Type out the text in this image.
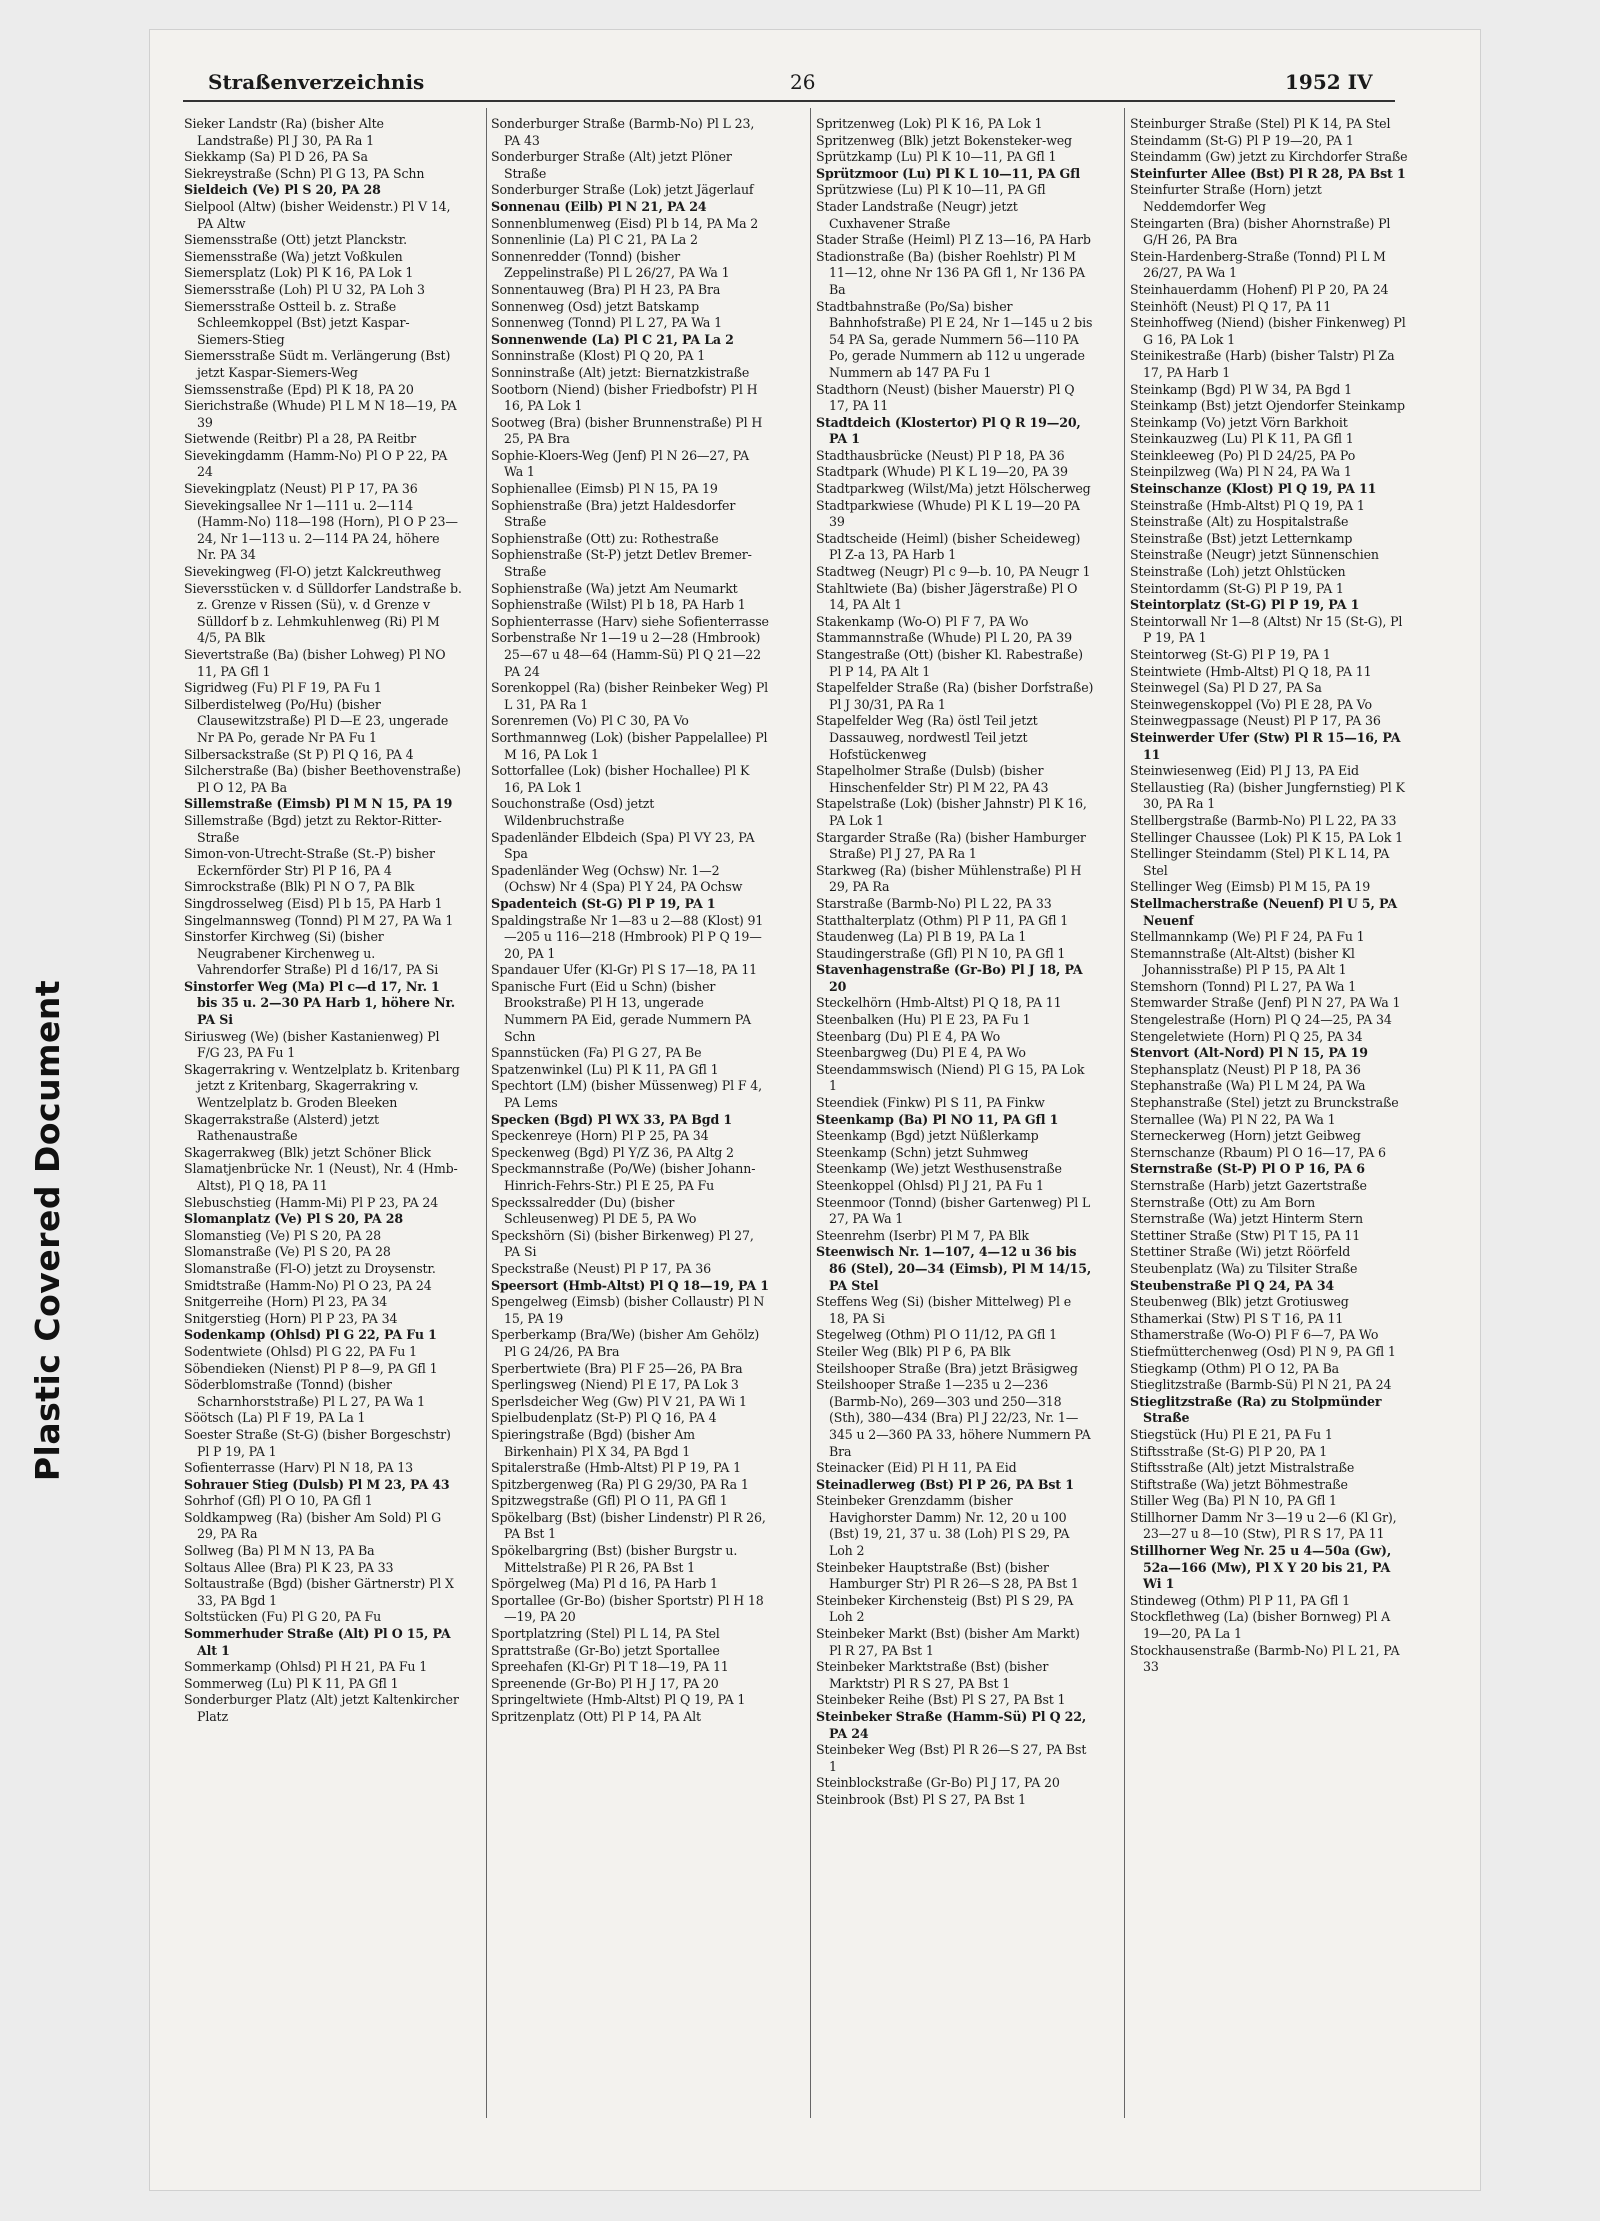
Plastic Covered Document
Straßenverzeichnis	26	1952 IV

Sieker Landstr (Ra) (bisher Alte Landstraße) Pl J 30, PA Ra 1

Siekkamp (Sa) Pl D 26, PA Sa

Siekreystraße (Schn) Pl G 13, PA Schn

Sieldeich (Ve) Pl S 20, PA 28

Sielpool (Altw) (bisher Weidenstr.) Pl V 14, PA Altw

Siemensstraße (Ott) jetzt Planckstr.

Siemensstraße (Wa) jetzt Voßkulen

Siemersplatz (Lok) Pl K 16, PA Lok 1

Siemersstraße (Loh) Pl U 32, PA Loh 3

Siemersstraße Ostteil b. z. Straße Schleemkoppel (Bst) jetzt Kaspar-Siemers-Stieg

Siemersstraße Südt m. Verlängerung (Bst) jetzt Kaspar-Siemers-Weg

Siemssenstraße (Epd) Pl K 18, PA 20

Sierichstraße (Whude) Pl L M N 18—19, PA 39

Sietwende (Reitbr) Pl a 28, PA Reitbr

Sievekingdamm (Hamm-No) Pl O P 22, PA 24

Sievekingplatz (Neust) Pl P 17, PA 36

Sievekingsallee Nr 1—111 u. 2—114 (Hamm-No) 118—198 (Horn), Pl O P 23—24, Nr 1—113 u. 2—114 PA 24, höhere Nr. PA 34

Sievekingweg (Fl-O) jetzt Kalckreuthweg

Sieversstücken v. d Sülldorfer Landstraße b. z. Grenze v Rissen (Sü), v. d Grenze v Sülldorf b z. Lehmkuhlenweg (Ri) Pl M 4/5, PA Blk

Sievertstraße (Ba) (bisher Lohweg) Pl NO 11, PA Gfl 1

Sigridweg (Fu) Pl F 19, PA Fu 1

Silberdistelweg (Po/Hu) (bisher Clausewitzstraße) Pl D—E 23, ungerade Nr PA Po, gerade Nr PA Fu 1

Silbersackstraße (St P) Pl Q 16, PA 4

Silcherstraße (Ba) (bisher Beethovenstraße) Pl O 12, PA Ba

Sillemstraße (Eimsb) Pl M N 15, PA 19

Sillemstraße (Bgd) jetzt zu Rektor-Ritter-Straße

Simon-von-Utrecht-Straße (St.-P) bisher Eckernförder Str) Pl P 16, PA 4

Simrockstraße (Blk) Pl N O 7, PA Blk

Singdrosselweg (Eisd) Pl b 15, PA Harb 1

Singelmannsweg (Tonnd) Pl M 27, PA Wa 1

Sinstorfer Kirchweg (Si) (bisher Neugrabener Kirchenweg u. Vahrendorfer Straße) Pl d 16/17, PA Si

Sinstorfer Weg (Ma) Pl c—d 17, Nr. 1 bis 35 u. 2—30 PA Harb 1, höhere Nr. PA Si

Siriusweg (We) (bisher Kastanienweg) Pl F/G 23, PA Fu 1

Skagerrakring v. Wentzelplatz b. Kritenbarg jetzt z Kritenbarg, Skagerrakring v. Wentzelplatz b. Groden Bleeken

Skagerrakstraße (Alsterd) jetzt Rathenaustraße

Skagerrakweg (Blk) jetzt Schöner Blick

Slamatjenbrücke Nr. 1 (Neust), Nr. 4 (Hmb-Altst), Pl Q 18, PA 11

Slebuschstieg (Hamm-Mi) Pl P 23, PA 24

Slomanplatz (Ve) Pl S 20, PA 28

Slomanstieg (Ve) Pl S 20, PA 28

Slomanstraße (Ve) Pl S 20, PA 28

Slomanstraße (Fl-O) jetzt zu Droysenstr.

Smidtstraße (Hamm-No) Pl O 23, PA 24

Snitgerreihe (Horn) Pl 23, PA 34

Snitgerstieg (Horn) Pl P 23, PA 34

Sodenkamp (Ohlsd) Pl G 22, PA Fu 1

Sodentwiete (Ohlsd) Pl G 22, PA Fu 1

Söbendieken (Nienst) Pl P 8—9, PA Gfl 1

Söderblomstraße (Tonnd) (bisher Scharnhorststraße) Pl L 27, PA Wa 1

Söötsch (La) Pl F 19, PA La 1

Soester Straße (St-G) (bisher Borgeschstr) Pl P 19, PA 1

Sofienterrasse (Harv) Pl N 18, PA 13

Sohrauer Stieg (Dulsb) Pl M 23, PA 43

Sohrhof (Gfl) Pl O 10, PA Gfl 1

Soldkampweg (Ra) (bisher Am Sold) Pl G 29, PA Ra

Sollweg (Ba) Pl M N 13, PA Ba

Soltaus Allee (Bra) Pl K 23, PA 33

Soltaustraße (Bgd) (bisher Gärtnerstr) Pl X 33, PA Bgd 1

Soltstücken (Fu) Pl G 20, PA Fu

Sommerhuder Straße (Alt) Pl O 15, PA Alt 1

Sommerkamp (Ohlsd) Pl H 21, PA Fu 1

Sommerweg (Lu) Pl K 11, PA Gfl 1

Sonderburger Platz (Alt) jetzt Kaltenkircher Platz

Sonderburger Straße (Barmb-No) Pl L 23, PA 43

Sonderburger Straße (Alt) jetzt Plöner Straße

Sonderburger Straße (Lok) jetzt Jägerlauf

Sonnenau (Eilb) Pl N 21, PA 24

Sonnenblumenweg (Eisd) Pl b 14, PA Ma 2

Sonnenlinie (La) Pl C 21, PA La 2

Sonnenredder (Tonnd) (bisher Zeppelinstraße) Pl L 26/27, PA Wa 1

Sonnentauweg (Bra) Pl H 23, PA Bra

Sonnenweg (Osd) jetzt Batskamp

Sonnenweg (Tonnd) Pl L 27, PA Wa 1

Sonnenwende (La) Pl C 21, PA La 2

Sonninstraße (Klost) Pl Q 20, PA 1

Sonninstraße (Alt) jetzt: Biernatzkistraße

Sootborn (Niend) (bisher Friedbofstr) Pl H 16, PA Lok 1

Sootweg (Bra) (bisher Brunnenstraße) Pl H 25, PA Bra

Sophie-Kloers-Weg (Jenf) Pl N 26—27, PA Wa 1

Sophienallee (Eimsb) Pl N 15, PA 19

Sophienstraße (Bra) jetzt Haldesdorfer Straße

Sophienstraße (Ott) zu: Rothestraße

Sophienstraße (St-P) jetzt Detlev Bremer-Straße

Sophienstraße (Wa) jetzt Am Neumarkt

Sophienstraße (Wilst) Pl b 18, PA Harb 1

Sophienterrasse (Harv) siehe Sofienterrasse

Sorbenstraße Nr 1—19 u 2—28 (Hmbrook) 25—67 u 48—64 (Hamm-Sü) Pl Q 21—22 PA 24

Sorenkoppel (Ra) (bisher Reinbeker Weg) Pl L 31, PA Ra 1

Sorenremen (Vo) Pl C 30, PA Vo

Sorthmannweg (Lok) (bisher Pappelallee) Pl M 16, PA Lok 1

Sottorfallee (Lok) (bisher Hochallee) Pl K 16, PA Lok 1

Souchonstraße (Osd) jetzt Wildenbruchstraße

Spadenländer Elbdeich (Spa) Pl VY 23, PA Spa

Spadenländer Weg (Ochsw) Nr. 1—2 (Ochsw) Nr 4 (Spa) Pl Y 24, PA Ochsw

Spadenteich (St-G) Pl P 19, PA 1

Spaldingstraße Nr 1—83 u 2—88 (Klost) 91—205 u 116—218 (Hmbrook) Pl P Q 19—20, PA 1

Spandauer Ufer (Kl-Gr) Pl S 17—18, PA 11

Spanische Furt (Eid u Schn) (bisher Brookstraße) Pl H 13, ungerade Nummern PA Eid, gerade Nummern PA Schn

Spannstücken (Fa) Pl G 27, PA Be

Spatzenwinkel (Lu) Pl K 11, PA Gfl 1

Spechtort (LM) (bisher Müssenweg) Pl F 4, PA Lems

Specken (Bgd) Pl WX 33, PA Bgd 1

Speckenreye (Horn) Pl P 25, PA 34

Speckenweg (Bgd) Pl Y/Z 36, PA Altg 2

Speckmannstraße (Po/We) (bisher Johann-Hinrich-Fehrs-Str.) Pl E 25, PA Fu

Speckssalredder (Du) (bisher Schleusenweg) Pl DE 5, PA Wo

Speckshörn (Si) (bisher Birkenweg) Pl 27, PA Si

Speckstraße (Neust) Pl P 17, PA 36

Speersort (Hmb-Altst) Pl Q 18—19, PA 1

Spengelweg (Eimsb) (bisher Collaustr) Pl N 15, PA 19

Sperberkamp (Bra/We) (bisher Am Gehölz) Pl G 24/26, PA Bra

Sperbertwiete (Bra) Pl F 25—26, PA Bra

Sperlingsweg (Niend) Pl E 17, PA Lok 3

Sperlsdeicher Weg (Gw) Pl V 21, PA Wi 1

Spielbudenplatz (St-P) Pl Q 16, PA 4

Spieringstraße (Bgd) (bisher Am Birkenhain) Pl X 34, PA Bgd 1

Spitalerstraße (Hmb-Altst) Pl P 19, PA 1

Spitzbergenweg (Ra) Pl G 29/30, PA Ra 1

Spitzwegstraße (Gfl) Pl O 11, PA Gfl 1

Spökelbarg (Bst) (bisher Lindenstr) Pl R 26, PA Bst 1

Spökelbargring (Bst) (bisher Burgstr u. Mittelstraße) Pl R 26, PA Bst 1

Spörgelweg (Ma) Pl d 16, PA Harb 1

Sportallee (Gr-Bo) (bisher Sportstr) Pl H 18—19, PA 20

Sportplatzring (Stel) Pl L 14, PA Stel

Sprattstraße (Gr-Bo) jetzt Sportallee

Spreehafen (Kl-Gr) Pl T 18—19, PA 11

Spreenende (Gr-Bo) Pl H J 17, PA 20

Springeltwiete (Hmb-Altst) Pl Q 19, PA 1

Spritzenplatz (Ott) Pl P 14, PA Alt

Spritzenweg (Lok) Pl K 16, PA Lok 1

Spritzenweg (Blk) jetzt Bokensteker-weg

Sprützkamp (Lu) Pl K 10—11, PA Gfl 1

Sprützmoor (Lu) Pl K L 10—11, PA Gfl

Sprützwiese (Lu) Pl K 10—11, PA Gfl

Stader Landstraße (Neugr) jetzt Cuxhavener Straße

Stader Straße (Heiml) Pl Z 13—16, PA Harb

Stadionstraße (Ba) (bisher Roehlstr) Pl M 11—12, ohne Nr 136 PA Gfl 1, Nr 136 PA Ba

Stadtbahnstraße (Po/Sa) bisher Bahnhofstraße) Pl E 24, Nr 1—145 u 2 bis 54 PA Sa, gerade Nummern 56—110 PA Po, gerade Nummern ab 112 u ungerade Nummern ab 147 PA Fu 1

Stadthorn (Neust) (bisher Mauerstr) Pl Q 17, PA 11

Stadtdeich (Klostertor) Pl Q R 19—20, PA 1

Stadthausbrücke (Neust) Pl P 18, PA 36

Stadtpark (Whude) Pl K L 19—20, PA 39

Stadtparkweg (Wilst/Ma) jetzt Hölscherweg

Stadtparkwiese (Whude) Pl K L 19—20 PA 39

Stadtscheide (Heiml) (bisher Scheideweg) Pl Z-a 13, PA Harb 1

Stadtweg (Neugr) Pl c 9—b. 10, PA Neugr 1

Stahltwiete (Ba) (bisher Jägerstraße) Pl O 14, PA Alt 1

Stakenkamp (Wo-O) Pl F 7, PA Wo

Stammannstraße (Whude) Pl L 20, PA 39

Stangestraße (Ott) (bisher Kl. Rabestraße) Pl P 14, PA Alt 1

Stapelfelder Straße (Ra) (bisher Dorfstraße) Pl J 30/31, PA Ra 1

Stapelfelder Weg (Ra) östl Teil jetzt Dassauweg, nordwestl Teil jetzt Hofstückenweg

Stapelholmer Straße (Dulsb) (bisher Hinschenfelder Str) Pl M 22, PA 43

Stapelstraße (Lok) (bisher Jahnstr) Pl K 16, PA Lok 1

Stargarder Straße (Ra) (bisher Hamburger Straße) Pl J 27, PA Ra 1

Starkweg (Ra) (bisher Mühlenstraße) Pl H 29, PA Ra

Starstraße (Barmb-No) Pl L 22, PA 33

Statthalterplatz (Othm) Pl P 11, PA Gfl 1

Staudenweg (La) Pl B 19, PA La 1

Staudingerstraße (Gfl) Pl N 10, PA Gfl 1

Stavenhagenstraße (Gr-Bo) Pl J 18, PA 20

Steckelhörn (Hmb-Altst) Pl Q 18, PA 11

Steenbalken (Hu) Pl E 23, PA Fu 1

Steenbarg (Du) Pl E 4, PA Wo

Steenbargweg (Du) Pl E 4, PA Wo

Steendammswisch (Niend) Pl G 15, PA Lok 1

Steendiek (Finkw) Pl S 11, PA Finkw

Steenkamp (Ba) Pl NO 11, PA Gfl 1

Steenkamp (Bgd) jetzt Nüßlerkamp

Steenkamp (Schn) jetzt Suhmweg

Steenkamp (We) jetzt Westhusenstraße

Steenkoppel (Ohlsd) Pl J 21, PA Fu 1

Steenmoor (Tonnd) (bisher Gartenweg) Pl L 27, PA Wa 1

Steenrehm (Iserbr) Pl M 7, PA Blk

Steenwisch Nr. 1—107, 4—12 u 36 bis 86 (Stel), 20—34 (Eimsb), Pl M 14/15, PA Stel

Steffens Weg (Si) (bisher Mittelweg) Pl e 18, PA Si

Stegelweg (Othm) Pl O 11/12, PA Gfl 1

Steiler Weg (Blk) Pl P 6, PA Blk

Steilshooper Straße (Bra) jetzt Bräsigweg

Steilshooper Straße 1—235 u 2—236 (Barmb-No), 269—303 und 250—318 (Sth), 380—434 (Bra) Pl J 22/23, Nr. 1—345 u 2—360 PA 33, höhere Nummern PA Bra

Steinacker (Eid) Pl H 11, PA Eid

Steinadlerweg (Bst) Pl P 26, PA Bst 1

Steinbeker Grenzdamm (bisher Havighorster Damm) Nr. 12, 20 u 100 (Bst) 19, 21, 37 u. 38 (Loh) Pl S 29, PA Loh 2

Steinbeker Hauptstraße (Bst) (bisher Hamburger Str) Pl R 26—S 28, PA Bst 1

Steinbeker Kirchensteig (Bst) Pl S 29, PA Loh 2

Steinbeker Markt (Bst) (bisher Am Markt) Pl R 27, PA Bst 1

Steinbeker Marktstraße (Bst) (bisher Marktstr) Pl R S 27, PA Bst 1

Steinbeker Reihe (Bst) Pl S 27, PA Bst 1

Steinbeker Straße (Hamm-Sü) Pl Q 22, PA 24

Steinbeker Weg (Bst) Pl R 26—S 27, PA Bst 1

Steinblockstraße (Gr-Bo) Pl J 17, PA 20

Steinbrook (Bst) Pl S 27, PA Bst 1

Steinburger Straße (Stel) Pl K 14, PA Stel

Steindamm (St-G) Pl P 19—20, PA 1

Steindamm (Gw) jetzt zu Kirchdorfer Straße

Steinfurter Allee (Bst) Pl R 28, PA Bst 1

Steinfurter Straße (Horn) jetzt Neddemdorfer Weg

Steingarten (Bra) (bisher Ahornstraße) Pl G/H 26, PA Bra

Stein-Hardenberg-Straße (Tonnd) Pl L M 26/27, PA Wa 1

Steinhauerdamm (Hohenf) Pl P 20, PA 24

Steinhöft (Neust) Pl Q 17, PA 11

Steinhoffweg (Niend) (bisher Finkenweg) Pl G 16, PA Lok 1

Steinikestraße (Harb) (bisher Talstr) Pl Za 17, PA Harb 1

Steinkamp (Bgd) Pl W 34, PA Bgd 1

Steinkamp (Bst) jetzt Ojendorfer Steinkamp

Steinkamp (Vo) jetzt Vörn Barkhoit

Steinkauzweg (Lu) Pl K 11, PA Gfl 1

Steinkleeweg (Po) Pl D 24/25, PA Po

Steinpilzweg (Wa) Pl N 24, PA Wa 1

Steinschanze (Klost) Pl Q 19, PA 11

Steinstraße (Hmb-Altst) Pl Q 19, PA 1

Steinstraße (Alt) zu Hospitalstraße

Steinstraße (Bst) jetzt Letternkamp

Steinstraße (Neugr) jetzt Sünnenschien

Steinstraße (Loh) jetzt Ohlstücken

Steintordamm (St-G) Pl P 19, PA 1

Steintorplatz (St-G) Pl P 19, PA 1

Steintorwall Nr 1—8 (Altst) Nr 15 (St-G), Pl P 19, PA 1

Steintorweg (St-G) Pl P 19, PA 1

Steintwiete (Hmb-Altst) Pl Q 18, PA 11

Steinwegel (Sa) Pl D 27, PA Sa

Steinwegenskoppel (Vo) Pl E 28, PA Vo

Steinwegpassage (Neust) Pl P 17, PA 36

Steinwerder Ufer (Stw) Pl R 15—16, PA 11

Steinwiesenweg (Eid) Pl J 13, PA Eid

Stellaustieg (Ra) (bisher Jungfernstieg) Pl K 30, PA Ra 1

Stellbergstraße (Barmb-No) Pl L 22, PA 33

Stellinger Chaussee (Lok) Pl K 15, PA Lok 1

Stellinger Steindamm (Stel) Pl K L 14, PA Stel

Stellinger Weg (Eimsb) Pl M 15, PA 19

Stellmacherstraße (Neuenf) Pl U 5, PA Neuenf

Stellmannkamp (We) Pl F 24, PA Fu 1

Stemannstraße (Alt-Altst) (bisher Kl Johannisstraße) Pl P 15, PA Alt 1

Stemshorn (Tonnd) Pl L 27, PA Wa 1

Stemwarder Straße (Jenf) Pl N 27, PA Wa 1

Stengelestraße (Horn) Pl Q 24—25, PA 34

Stengeletwiete (Horn) Pl Q 25, PA 34

Stenvort (Alt-Nord) Pl N 15, PA 19

Stephansplatz (Neust) Pl P 18, PA 36

Stephanstraße (Wa) Pl L M 24, PA Wa

Stephanstraße (Stel) jetzt zu Brunckstraße

Sternallee (Wa) Pl N 22, PA Wa 1

Sterneckerweg (Horn) jetzt Geibweg

Sternschanze (Rbaum) Pl O 16—17, PA 6

Sternstraße (St-P) Pl O P 16, PA 6

Sternstraße (Harb) jetzt Gazertstraße

Sternstraße (Ott) zu Am Born

Sternstraße (Wa) jetzt Hinterm Stern

Stettiner Straße (Stw) Pl T 15, PA 11

Stettiner Straße (Wi) jetzt Röörfeld

Steubenplatz (Wa) zu Tilsiter Straße

Steubenstraße Pl Q 24, PA 34

Steubenweg (Blk) jetzt Grotiusweg

Sthamerkai (Stw) Pl S T 16, PA 11

Sthamerstraße (Wo-O) Pl F 6—7, PA Wo

Stiefmütterchenweg (Osd) Pl N 9, PA Gfl 1

Stiegkamp (Othm) Pl O 12, PA Ba

Stieglitzstraße (Barmb-Sü) Pl N 21, PA 24

Stieglitzstraße (Ra) zu Stolpmünder Straße

Stiegstück (Hu) Pl E 21, PA Fu 1

Stiftsstraße (St-G) Pl P 20, PA 1

Stiftsstraße (Alt) jetzt Mistralstraße

Stiftstraße (Wa) jetzt Böhmestraße

Stiller Weg (Ba) Pl N 10, PA Gfl 1

Stillhorner Damm Nr 3—19 u 2—6 (Kl Gr), 23—27 u 8—10 (Stw), Pl R S 17, PA 11

Stillhorner Weg Nr. 25 u 4—50a (Gw), 52a—166 (Mw), Pl X Y 20 bis 21, PA Wi 1

Stindeweg (Othm) Pl P 11, PA Gfl 1

Stockflethweg (La) (bisher Bornweg) Pl A 19—20, PA La 1

Stockhausenstraße (Barmb-No) Pl L 21, PA 33
